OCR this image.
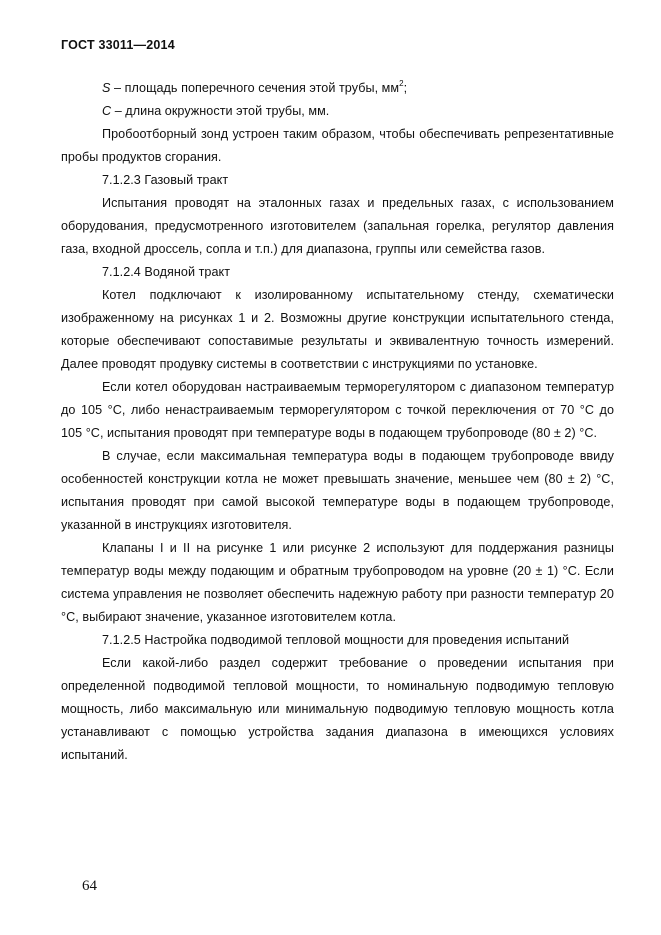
ГОСТ 33011—2014

S – площадь поперечного сечения этой трубы, $мм^2$;

C – длина окружности этой трубы, мм.

Пробоотборный зонд устроен таким образом, чтобы обеспечивать репрезентативные пробы продуктов сгорания.

7.1.2.3 Газовый тракт

Испытания проводят на эталонных газах и предельных газах, с использованием оборудования, предусмотренного изготовителем (запальная горелка, регулятор давления газа, входной дроссель, сопла и т.п.) для диапазона, группы или семейства газов.

7.1.2.4 Водяной тракт

Котел подключают к изолированному испытательному стенду, схематически изображенному на рисунках 1 и 2. Возможны другие конструкции испытательного стенда, которые обеспечивают сопоставимые результаты и эквивалентную точность измерений. Далее проводят продувку системы в соответствии с инструкциями по установке.

Если котел оборудован настраиваемым терморегулятором с диапазоном температур до 105 °С, либо ненастраиваемым терморегулятором с точкой переключения от 70 °С до 105 °С, испытания проводят при температуре воды в подающем трубопроводе (80 ± 2) °С.

В случае, если максимальная температура воды в подающем трубопроводе ввиду особенностей конструкции котла не может превышать значение, меньшее чем (80 ± 2) °С, испытания проводят при самой высокой температуре воды в подающем трубопроводе, указанной в инструкциях изготовителя.

Клапаны I и II на рисунке 1 или рисунке 2 используют для поддержания разницы температур воды между подающим и обратным трубопроводом на уровне (20 ± 1) °С. Если система управления не позволяет обеспечить надежную работу при разности температур 20 °С, выбирают значение, указанное изготовителем котла.

7.1.2.5 Настройка подводимой тепловой мощности для проведения испытаний

Если какой-либо раздел содержит требование о проведении испытания при определенной подводимой тепловой мощности, то номинальную подводимую тепловую мощность, либо максимальную или минимальную подводимую тепловую мощность котла устанавливают с помощью устройства задания диапазона в имеющихся условиях испытаний.

64
